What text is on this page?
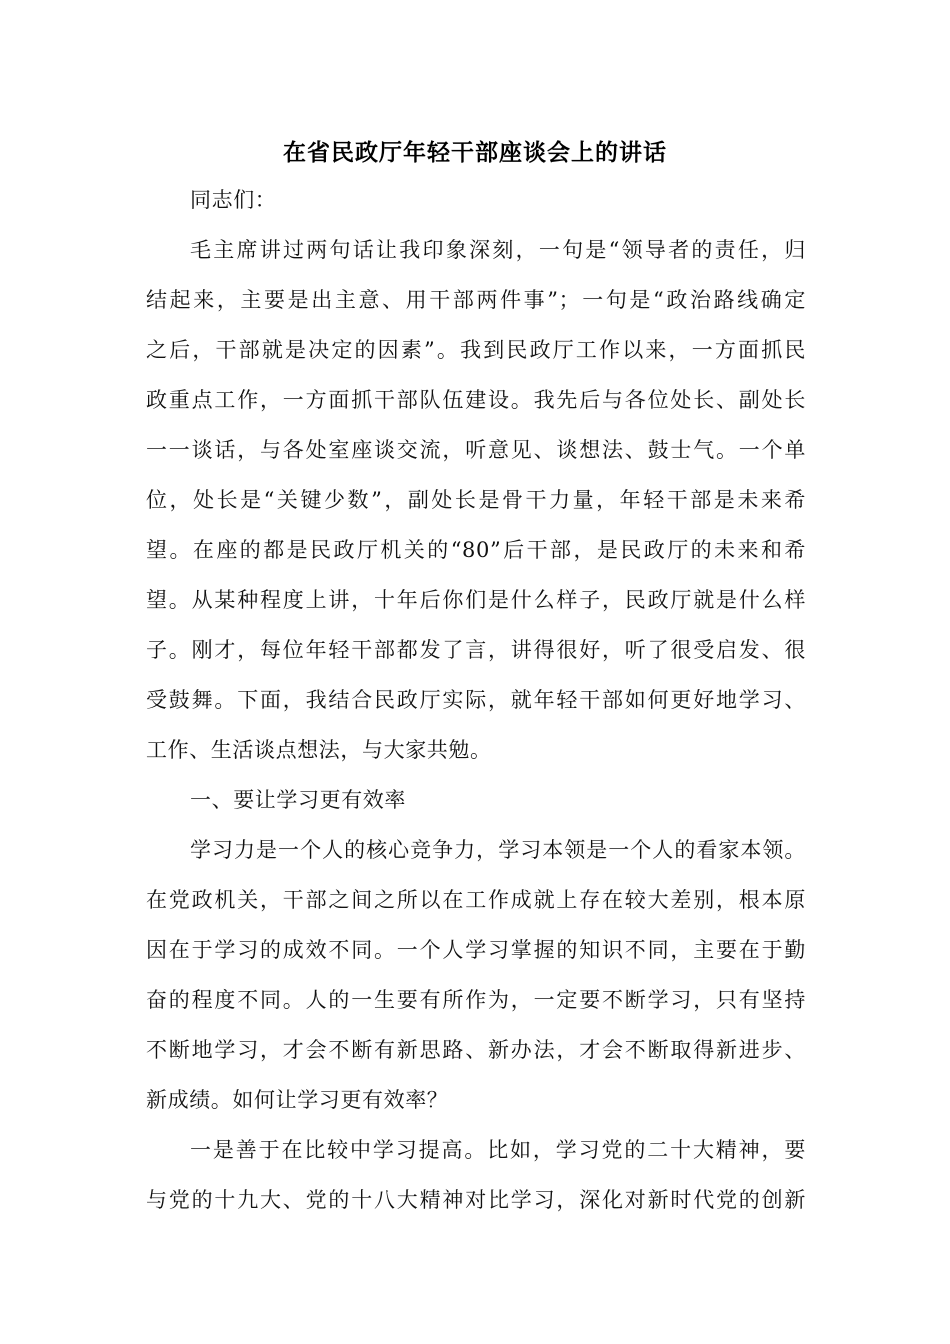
在省民政厅年轻干部座谈会上的讲话

同志们：

毛主席讲过两句话让我印象深刻，一句是“领导者的责任，归

结起来，主要是出主意、用干部两件事”；一句是“政治路线确定

之后，干部就是决定的因素”。我到民政厅工作以来，一方面抓民

政重点工作，一方面抓干部队伍建设。我先后与各位处长、副处长

一一谈话，与各处室座谈交流，听意见、谈想法、鼓士气。一个单

位，处长是“关键少数”，副处长是骨干力量，年轻干部是未来希

望。在座的都是民政厅机关的“80”后干部，是民政厅的未来和希

望。从某种程度上讲，十年后你们是什么样子，民政厅就是什么样

子。刚才，每位年轻干部都发了言，讲得很好，听了很受启发、很

受鼓舞。下面，我结合民政厅实际，就年轻干部如何更好地学习、

工作、生活谈点想法，与大家共勉。

一、要让学习更有效率

学习力是一个人的核心竞争力，学习本领是一个人的看家本领。

在党政机关，干部之间之所以在工作成就上存在较大差别，根本原

因在于学习的成效不同。一个人学习掌握的知识不同，主要在于勤

奋的程度不同。人的一生要有所作为，一定要不断学习，只有坚持

不断地学习，才会不断有新思路、新办法，才会不断取得新进步、

新成绩。如何让学习更有效率？

一是善于在比较中学习提高。比如，学习党的二十大精神，要

与党的十九大、党的十八大精神对比学习，深化对新时代党的创新
